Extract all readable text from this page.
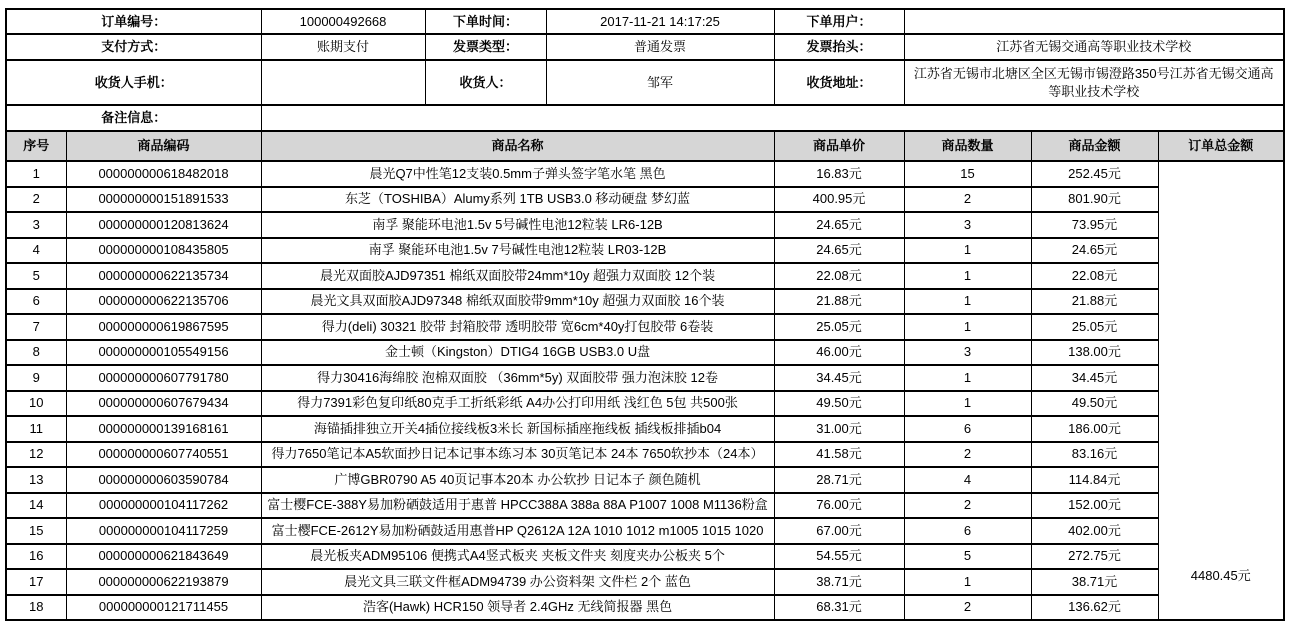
订单编号：		100000492668	下单时间：	2017-11-21 14:17:25	下单用户：			
支付方式：		账期支付	发票类型：	普通发票	发票抬头：	江苏省无锡交通高等职业技术学校		
收货人手机：			收货人：	邹军	收货地址：	江苏省无锡市北塘区全区无锡市锡澄路350号江苏省无锡交通高等职业技术学校		
备注信息：								
序号	商品编码	商品名称			商品单价	商品数量	商品金额	订单总金额
1	000000000618482018	晨光Q7中性笔12支装0.5mm子弹头签字笔水笔 黑色			16.83元	15	252.45元	4480.45元

2	000000000151891533	东芝（TOSHIBA）Alumy系列 1TB USB3.0 移动硬盘 梦幻蓝			400.95元	2	801.90元	
3	000000000120813624	南孚 聚能环电池1.5v 5号碱性电池12粒装 LR6-12B			24.65元	3	73.95元	
4	000000000108435805	南孚 聚能环电池1.5v 7号碱性电池12粒装 LR03-12B			24.65元	1	24.65元	
5	000000000622135734	晨光双面胶AJD97351 棉纸双面胶带24mm*10y 超强力双面胶 12个装			22.08元	1	22.08元	
6	000000000622135706	晨光文具双面胶AJD97348 棉纸双面胶带9mm*10y 超强力双面胶 16个装			21.88元	1	21.88元	
7	000000000619867595	得力(deli) 30321 胶带 封箱胶带 透明胶带 宽6cm*40y打包胶带 6卷装			25.05元	1	25.05元	
8	000000000105549156	金士顿（Kingston）DTIG4 16GB USB3.0 U盘			46.00元	3	138.00元	
9	000000000607791780	得力30416海绵胶 泡棉双面胶 （36mm*5y) 双面胶带 强力泡沫胶 12卷			34.45元	1	34.45元	
10	000000000607679434	得力7391彩色复印纸80克手工折纸彩纸 A4办公打印用纸 浅红色 5包 共500张			49.50元	1	49.50元	
11	000000000139168161	海锚插排独立开关4插位接线板3米长 新国标插座拖线板 插线板排插b04			31.00元	6	186.00元	
12	000000000607740551	得力7650笔记本A5软面抄日记本记事本练习本 30页笔记本 24本 7650软抄本（24本）			41.58元	2	83.16元	
13	000000000603590784	广博GBR0790 A5 40页记事本20本 办公软抄 日记本子 颜色随机			28.71元	4	114.84元	
14	000000000104117262	富士樱FCE-388Y易加粉硒鼓适用于惠普 HPCC388A 388a 88A P1007 1008 M1136粉盒			76.00元	2	152.00元	
15	000000000104117259	富士樱FCE-2612Y易加粉硒鼓适用惠普HP Q2612A 12A 1010 1012 m1005 1015 1020			67.00元	6	402.00元	
16	000000000621843649	晨光板夹ADM95106 便携式A4竖式板夹 夹板文件夹 刻度夹办公板夹 5个			54.55元	5	272.75元	
17	000000000622193879	晨光文具三联文件框ADM94739 办公资料架 文件栏 2个 蓝色			38.71元	1	38.71元	
18	000000000121711455	浩客(Hawk) HCR150 领导者 2.4GHz 无线简报器 黑色			68.31元	2	136.62元	
